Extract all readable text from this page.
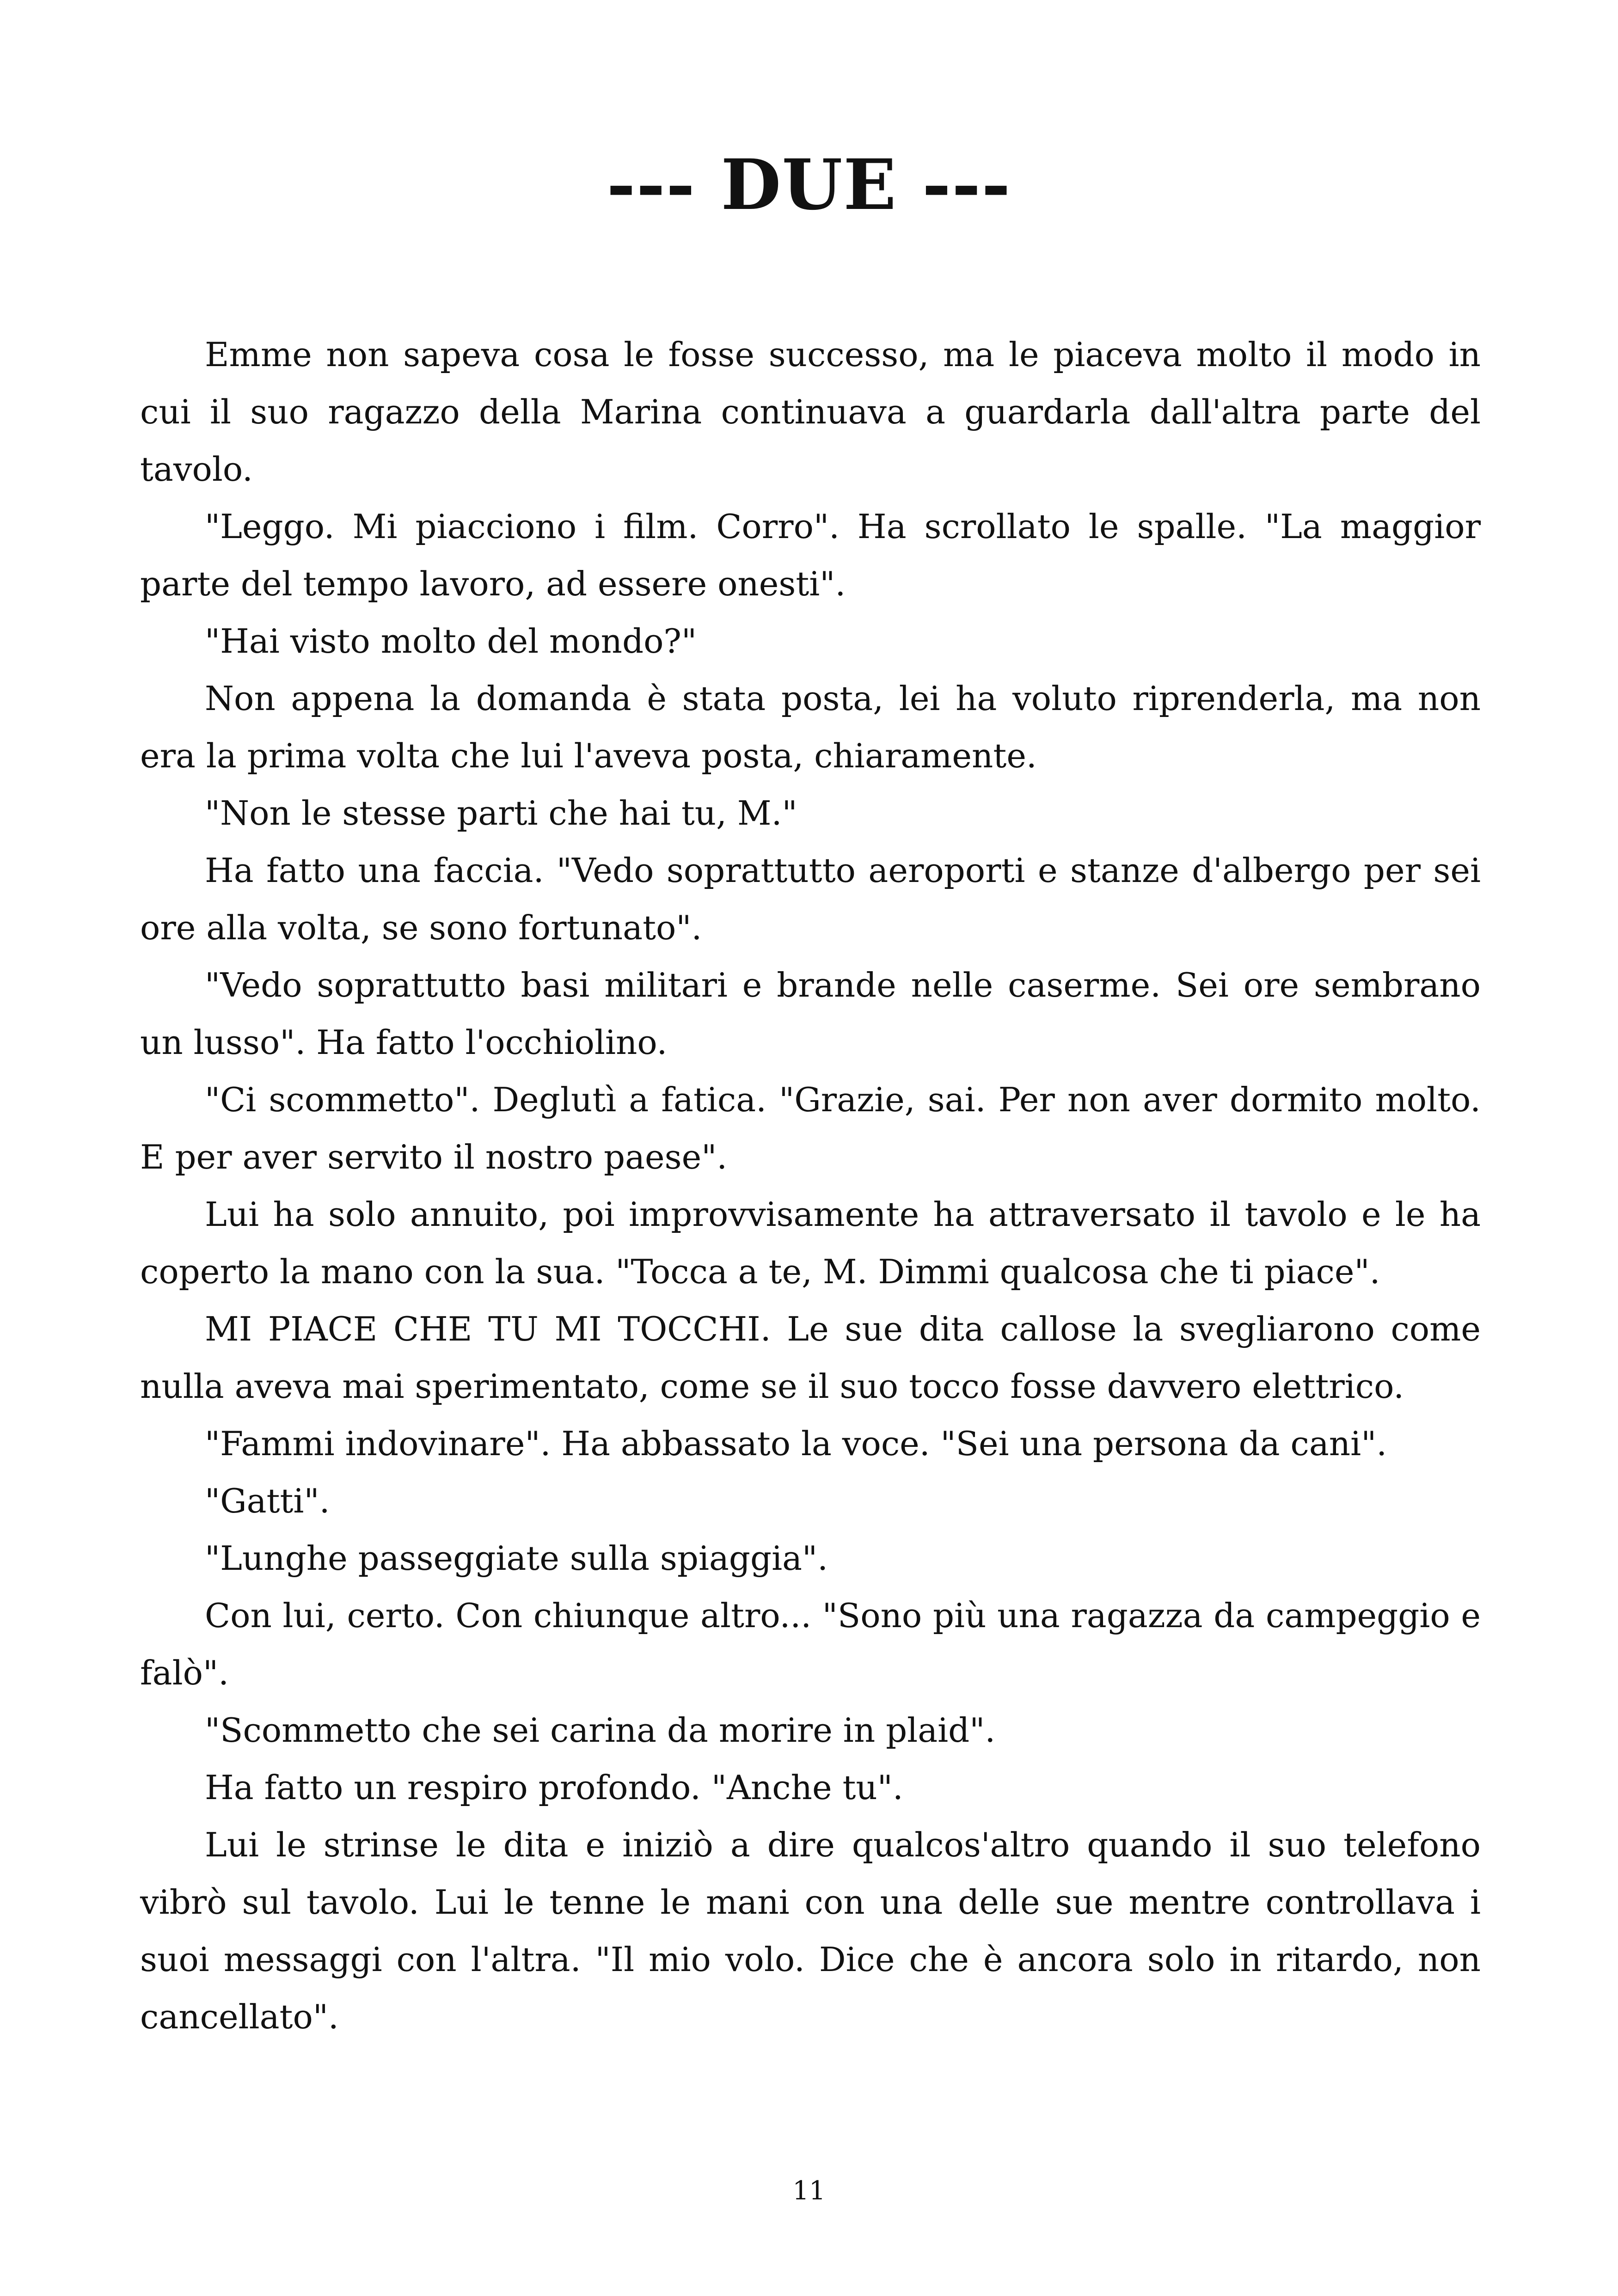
--- DUE ---

Emme non sapeva cosa le fosse successo, ma le piaceva molto il modo in cui il suo ragazzo della Marina continuava a guardarla dall'altra parte del tavolo.

"Leggo. Mi piacciono i film. Corro". Ha scrollato le spalle. "La maggior parte del tempo lavoro, ad essere onesti".

"Hai visto molto del mondo?"

Non appena la domanda è stata posta, lei ha voluto riprenderla, ma non era la prima volta che lui l'aveva posta, chiaramente.

"Non le stesse parti che hai tu, M."

Ha fatto una faccia. "Vedo soprattutto aeroporti e stanze d'albergo per sei ore alla volta, se sono fortunato".

"Vedo soprattutto basi militari e brande nelle caserme. Sei ore sembrano un lusso". Ha fatto l'occhiolino.

"Ci scommetto". Deglutì a fatica. "Grazie, sai. Per non aver dormito molto. E per aver servito il nostro paese".

Lui ha solo annuito, poi improvvisamente ha attraversato il tavolo e le ha coperto la mano con la sua. "Tocca a te, M. Dimmi qualcosa che ti piace".

MI PIACE CHE TU MI TOCCHI. Le sue dita callose la svegliarono come nulla aveva mai sperimentato, come se il suo tocco fosse davvero elettrico.

"Fammi indovinare". Ha abbassato la voce. "Sei una persona da cani".

"Gatti".

"Lunghe passeggiate sulla spiaggia".

Con lui, certo. Con chiunque altro... "Sono più una ragazza da campeggio e falò".

"Scommetto che sei carina da morire in plaid".

Ha fatto un respiro profondo. "Anche tu".

Lui le strinse le dita e iniziò a dire qualcos'altro quando il suo telefono vibrò sul tavolo. Lui le tenne le mani con una delle sue mentre controllava i suoi messaggi con l'altra. "Il mio volo. Dice che è ancora solo in ritardo, non cancellato".

11
